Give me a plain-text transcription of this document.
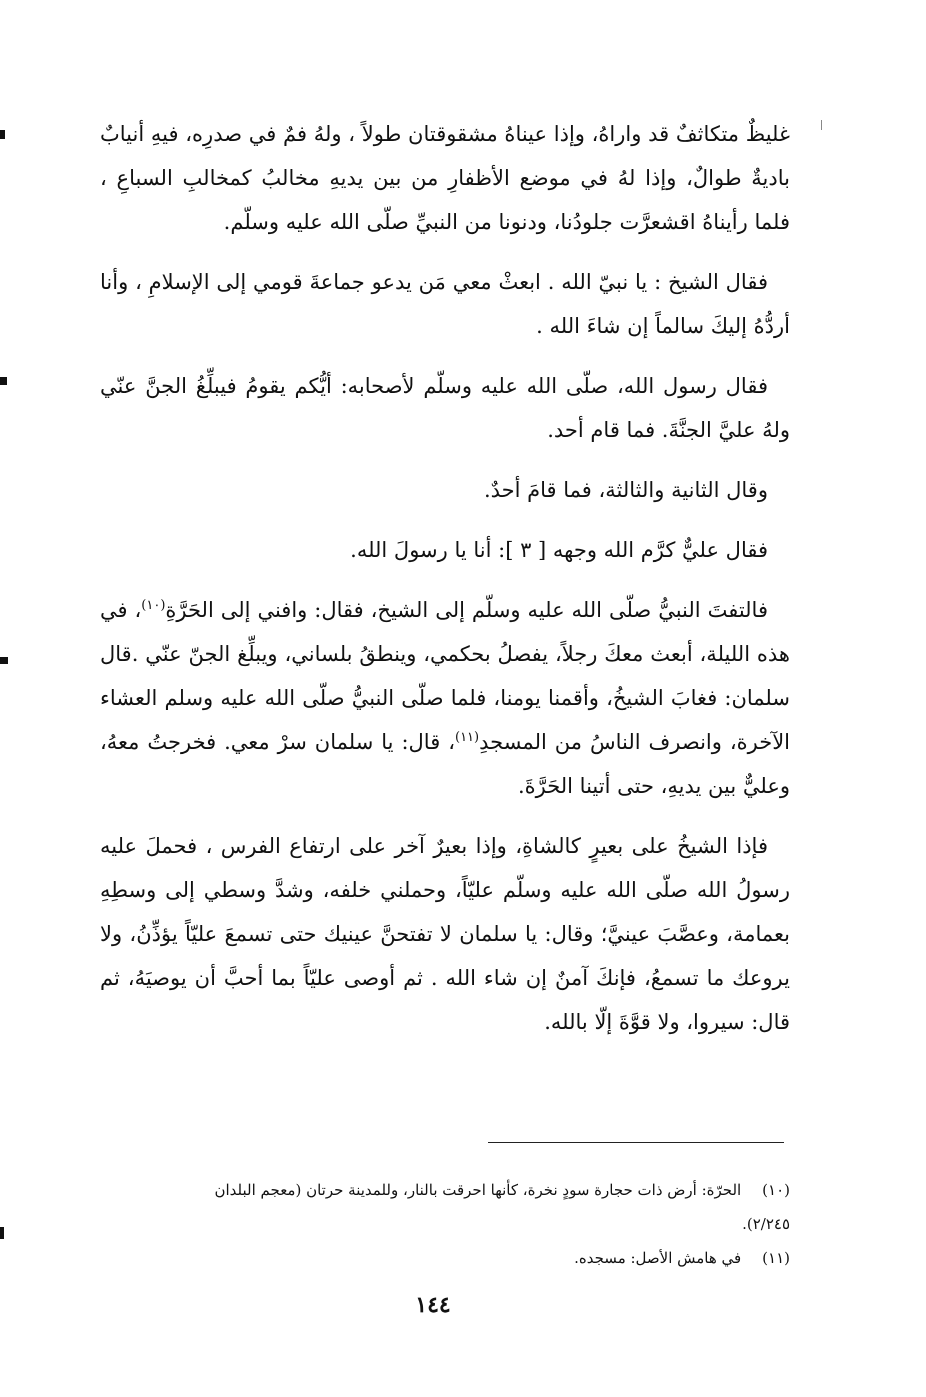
غليظٌ متكاثفٌ قد واراهُ، وإذا عيناهُ مشقوقتان طولاً ، ولهُ فمٌ في صدرِه، فيهِ أنيابٌ باديةٌ طوالٌ، وإذا لهُ في موضع الأظفارِ من بين يديهِ مخالبُ كمخالبِ السباعِ ، فلما رأيناهُ اقشعرَّت جلودُنا، ودنونا من النبيِّ صلّى الله عليه وسلّم.

فقال الشيخ : يا نبيّ الله . ابعثْ معي مَن يدعو جماعةَ قومي إلى الإسلامِ ، وأنا أردُّهُ إليكَ سالماً إن شاءَ الله .

فقال رسول الله، صلّى الله عليه وسلّم لأصحابه: أيُّكم يقومُ فيبلِّغُ الجنَّ عنّي ولهُ عليَّ الجنَّةَ. فما قام أحد.

وقال الثانية والثالثة، فما قامَ أحدٌ.

فقال عليٌّ كرَّم الله وجهه [ ٣ ]: أنا يا رسولَ الله.

فالتفتَ النبيُّ صلّى الله عليه وسلّم إلى الشيخ، فقال: وافني إلى الحَرَّةِ$^{(١٠)}$، في هذه الليلة، أبعث معكَ رجلاً، يفصلُ بحكمي، وينطقُ بلساني، ويبلِّغ الجنّ عنّي .قال سلمان: فغابَ الشيخُ، وأقمنا يومنا، فلما صلّى النبيُّ صلّى الله عليه وسلم العشاء الآخرة، وانصرف الناسُ من المسجدِ$^{(١١)}$، قال: يا سلمان سرْ معي. فخرجتُ معهُ، وعليٌّ بين يديهِ، حتى أتينا الحَرَّةَ.

فإذا الشيخُ على بعيرٍ كالشاةِ، وإذا بعيرٌ آخر على ارتفاع الفرس ، فحملَ عليه رسولُ الله صلّى الله عليه وسلّم عليّاً، وحملني خلفه، وشدَّ وسطي إلى وسطِهِ بعمامة، وعصَّبَ عينيَّ؛ وقال: يا سلمان لا تفتحنَّ عينيك حتى تسمعَ عليّاً يؤذِّنُ، ولا يروعك ما تسمعُ، فإنكَ آمنٌ إن شاء الله . ثم أوصى عليّاً بما أحبَّ أن يوصيَهُ، ثم قال: سيروا، ولا قوَّةَ إلّا بالله.

(١٠) الحرّة: أرض ذات حجارة سودٍ نخرة، كأنها احرقت بالنار، وللمدينة حرتان (معجم البلدان

٢/٢٤٥).

(١١) في هامش الأصل: مسجده.

١٤٤
